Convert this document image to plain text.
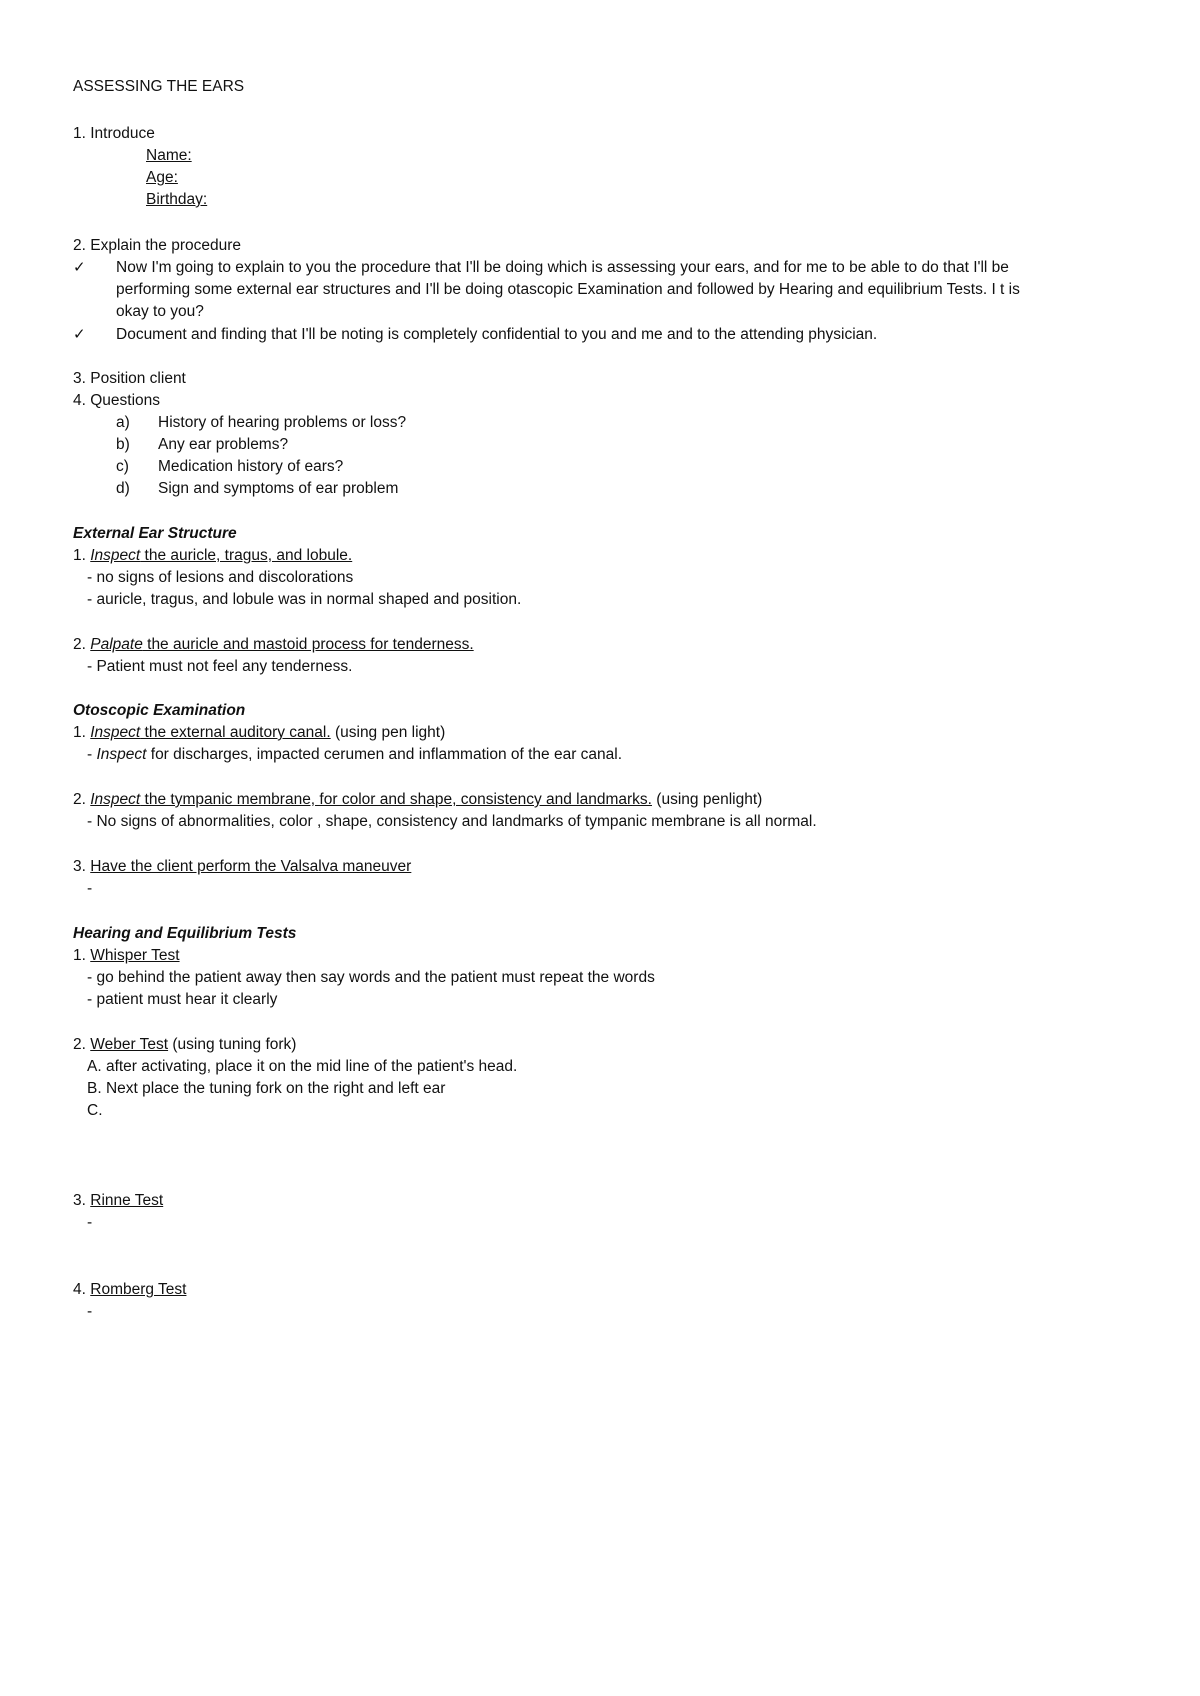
ASSESSING THE EARS
1. Introduce
Name:
Age:
Birthday:
2. Explain the procedure
✓ Now I'm going to explain to you the procedure that I'll be doing which is assessing your ears, and for me to be able to do that I'll be
performing some external ear structures and I'll be doing otascopic Examination and followed by Hearing and equilibrium Tests. I t is
okay to you?
✓ Document and finding that I'll be noting is completely confidential to you and me and to the attending physician.
3. Position client
4. Questions
a) History of hearing problems or loss?
b) Any ear problems?
c) Medication history of ears?
d) Sign and symptoms of ear problem
External Ear Structure
1. Inspect the auricle, tragus, and lobule.
- no signs of lesions and discolorations
- auricle, tragus, and lobule was in normal shaped and position.
2. Palpate the auricle and mastoid process for tenderness.
- Patient must not feel any tenderness.
Otoscopic Examination
1. Inspect the external auditory canal. (using pen light)
- Inspect for discharges, impacted cerumen and inflammation of the ear canal.
2. Inspect the tympanic membrane, for color and shape, consistency and landmarks. (using penlight)
- No signs of abnormalities, color , shape, consistency and landmarks of tympanic membrane is all normal.
3. Have the client perform the Valsalva maneuver
-
Hearing and Equilibrium Tests
1. Whisper Test
- go behind the patient away then say words and the patient must repeat the words
- patient must hear it clearly
2. Weber Test (using tuning fork)
A. after activating, place it on the mid line of the patient's head.
B. Next place the tuning fork on the right and left ear
C.
3. Rinne Test
-
4. Romberg Test
-
